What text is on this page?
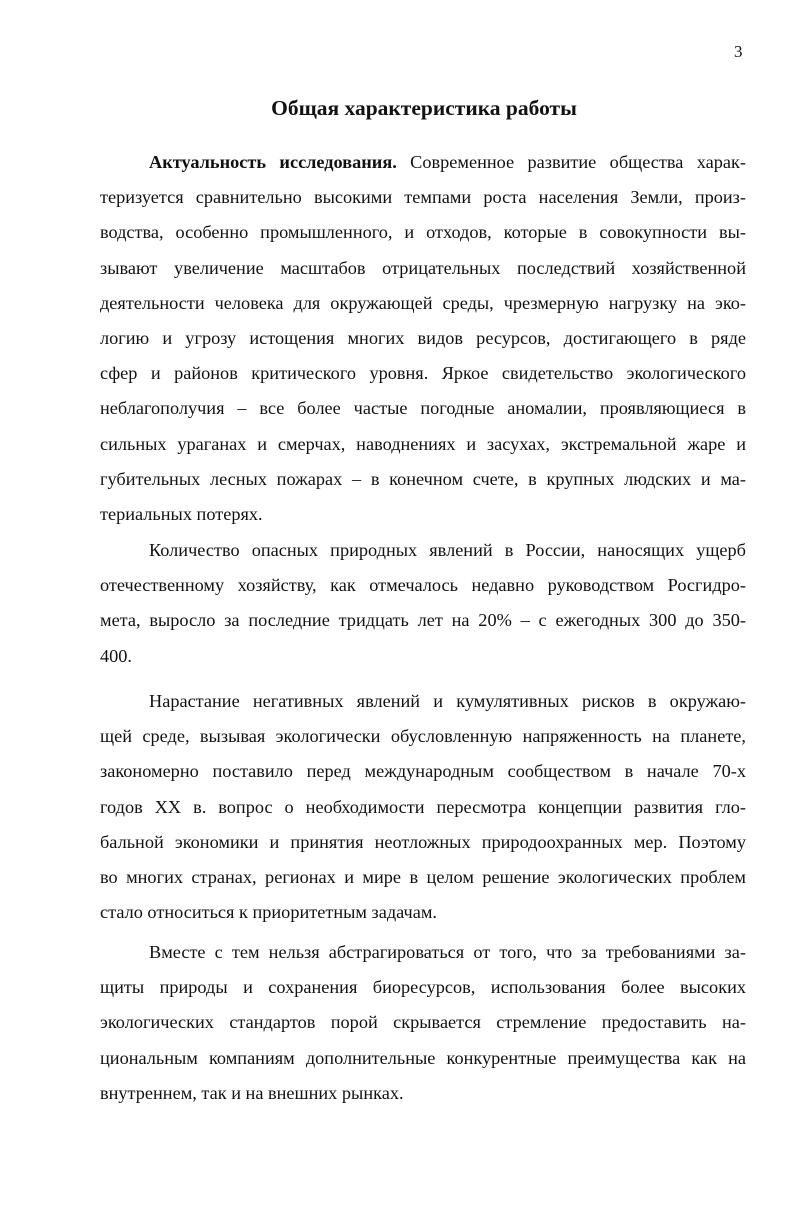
3
Общая характеристика работы
Актуальность исследования. Современное развитие общества харак-
теризуется сравнительно высокими темпами роста населения Земли, произ-
водства, особенно промышленного, и отходов, которые в совокупности вы-
зывают увеличение масштабов отрицательных последствий хозяйственной
деятельности человека для окружающей среды, чрезмерную нагрузку на эко-
логию и угрозу истощения многих видов ресурсов, достигающего в ряде
сфер и районов критического уровня. Яркое свидетельство экологического
неблагополучия – все более частые погодные аномалии, проявляющиеся в
сильных ураганах и смерчах, наводнениях и засухах, экстремальной жаре и
губительных лесных пожарах – в конечном счете, в крупных людских и ма-
териальных потерях.
Количество опасных природных явлений в России, наносящих ущерб
отечественному хозяйству, как отмечалось недавно руководством Росгидро-
мета, выросло за последние тридцать лет на 20% – с ежегодных 300 до 350-
400.
Нарастание негативных явлений и кумулятивных рисков в окружаю-
щей среде, вызывая экологически обусловленную напряженность на планете,
закономерно поставило перед международным сообществом в начале 70-х
годов XX в. вопрос о необходимости пересмотра концепции развития гло-
бальной экономики и принятия неотложных природоохранных мер. Поэтому
во многих странах, регионах и мире в целом решение экологических проблем
стало относиться к приоритетным задачам.
Вместе с тем нельзя абстрагироваться от того, что за требованиями за-
щиты природы и сохранения биоресурсов, использования более высоких
экологических стандартов порой скрывается стремление предоставить на-
циональным компаниям дополнительные конкурентные преимущества как на
внутреннем, так и на внешних рынках.
